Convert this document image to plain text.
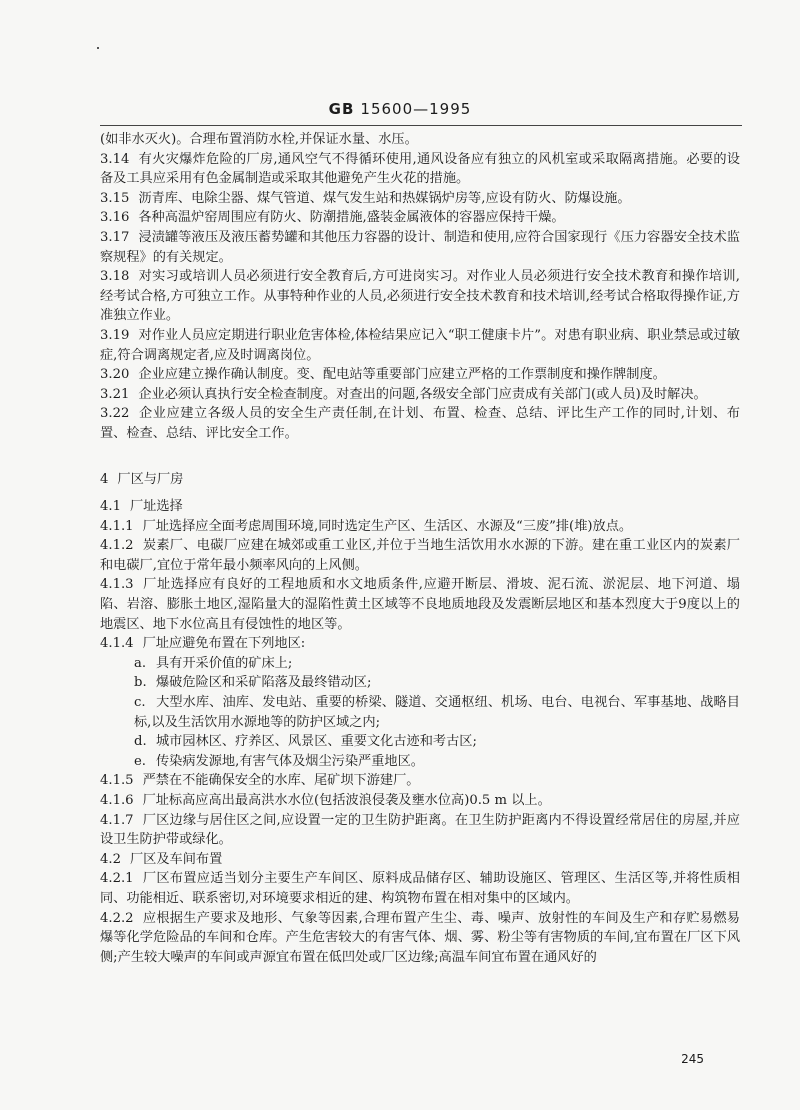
GB 15600—1995

(如非水灭火)。合理布置消防水栓,并保证水量、水压。

3.14 有火灾爆炸危险的厂房,通风空气不得循环使用,通风设备应有独立的风机室或采取隔离措施。必要的设备及工具应采用有色金属制造或采取其他避免产生火花的措施。

3.15 沥青库、电除尘器、煤气管道、煤气发生站和热媒锅炉房等,应设有防火、防爆设施。

3.16 各种高温炉窑周围应有防火、防潮措施,盛装金属液体的容器应保持干燥。

3.17 浸渍罐等液压及液压蓄势罐和其他压力容器的设计、制造和使用,应符合国家现行《压力容器安全技术监察规程》的有关规定。

3.18 对实习或培训人员必须进行安全教育后,方可进岗实习。对作业人员必须进行安全技术教育和操作培训,经考试合格,方可独立工作。从事特种作业的人员,必须进行安全技术教育和技术培训,经考试合格取得操作证,方准独立作业。

3.19 对作业人员应定期进行职业危害体检,体检结果应记入“职工健康卡片”。对患有职业病、职业禁忌或过敏症,符合调离规定者,应及时调离岗位。

3.20 企业应建立操作确认制度。变、配电站等重要部门应建立严格的工作票制度和操作牌制度。

3.21 企业必须认真执行安全检查制度。对查出的问题,各级安全部门应责成有关部门(或人员)及时解决。

3.22 企业应建立各级人员的安全生产责任制,在计划、布置、检查、总结、评比生产工作的同时,计划、布置、检查、总结、评比安全工作。

4 厂区与厂房

4.1 厂址选择

4.1.1 厂址选择应全面考虑周围环境,同时选定生产区、生活区、水源及“三废”排(堆)放点。

4.1.2 炭素厂、电碳厂应建在城郊或重工业区,并位于当地生活饮用水水源的下游。建在重工业区内的炭素厂和电碳厂,宜位于常年最小频率风向的上风侧。

4.1.3 厂址选择应有良好的工程地质和水文地质条件,应避开断层、滑坡、泥石流、淤泥层、地下河道、塌陷、岩溶、膨胀土地区,湿陷量大的湿陷性黄土区域等不良地质地段及发震断层地区和基本烈度大于9度以上的地震区、地下水位高且有侵蚀性的地区等。

4.1.4 厂址应避免布置在下列地区:

a. 具有开采价值的矿床上;

b. 爆破危险区和采矿陷落及最终错动区;

c. 大型水库、油库、发电站、重要的桥梁、隧道、交通枢纽、机场、电台、电视台、军事基地、战略目标,以及生活饮用水源地等的防护区域之内;

d. 城市园林区、疗养区、风景区、重要文化古迹和考古区;

e. 传染病发源地,有害气体及烟尘污染严重地区。

4.1.5 严禁在不能确保安全的水库、尾矿坝下游建厂。

4.1.6 厂址标高应高出最高洪水水位(包括波浪侵袭及壅水位高)0.5 m 以上。

4.1.7 厂区边缘与居住区之间,应设置一定的卫生防护距离。在卫生防护距离内不得设置经常居住的房屋,并应设卫生防护带或绿化。

4.2 厂区及车间布置

4.2.1 厂区布置应适当划分主要生产车间区、原料成品储存区、辅助设施区、管理区、生活区等,并将性质相同、功能相近、联系密切,对环境要求相近的建、构筑物布置在相对集中的区域内。

4.2.2 应根据生产要求及地形、气象等因素,合理布置产生尘、毒、噪声、放射性的车间及生产和存贮易燃易爆等化学危险品的车间和仓库。产生危害较大的有害气体、烟、雾、粉尘等有害物质的车间,宜布置在厂区下风侧;产生较大噪声的车间或声源宜布置在低凹处或厂区边缘;高温车间宜布置在通风好的

245
